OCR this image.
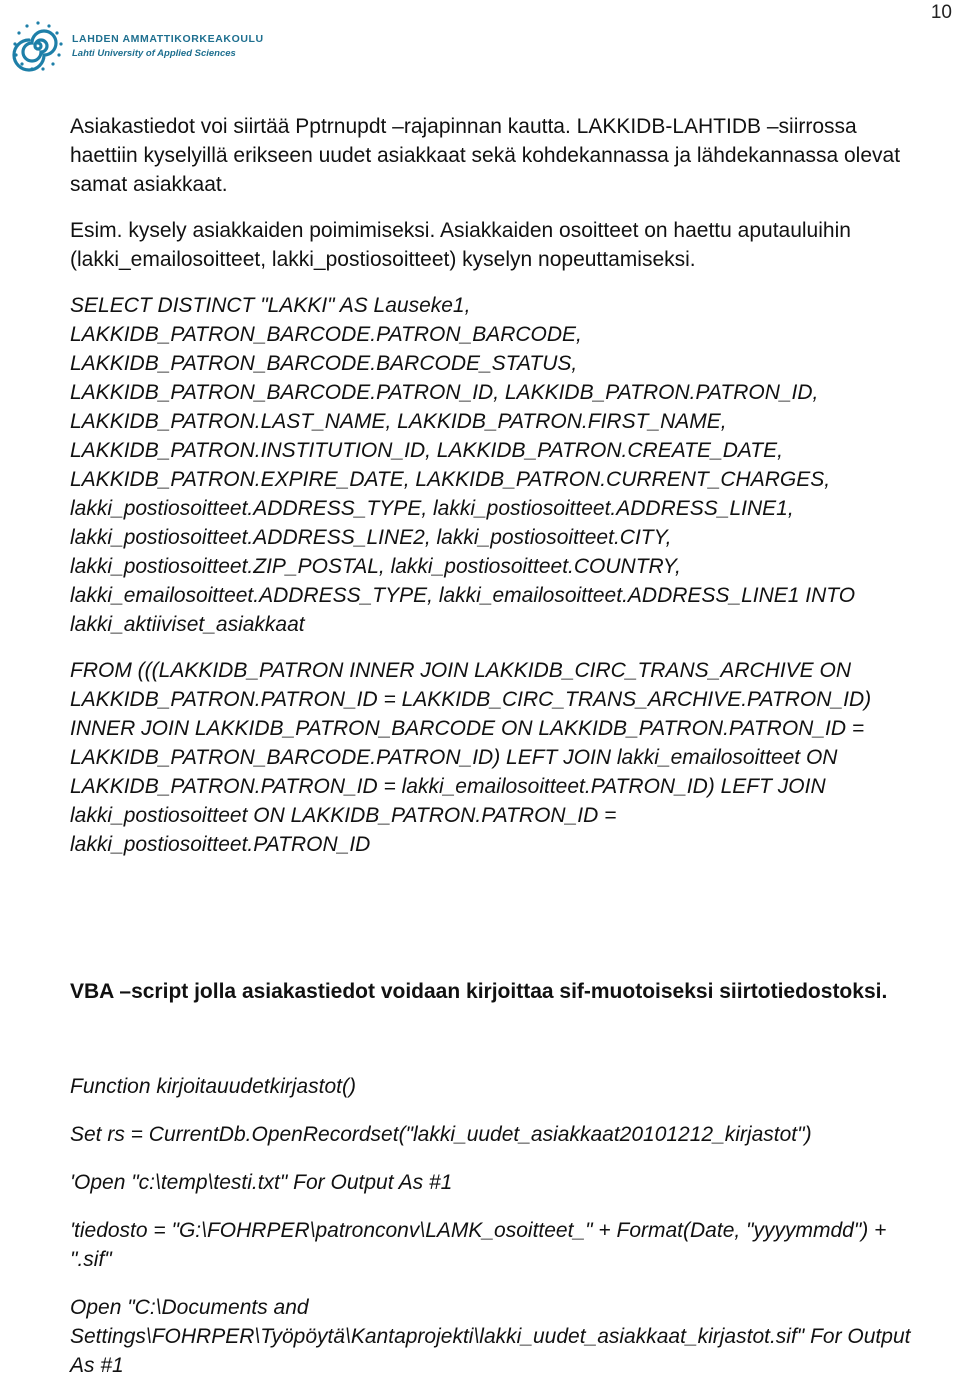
LAHDEN AMMATTIKORKEAKOULU
Lahti University of Applied Sciences
10

Asiakastiedot voi siirtää Pptrnupdt –rajapinnan kautta. LAKKIDB-LAHTIDB –siirrossa
haettiin kyselyillä erikseen uudet asiakkaat sekä kohdekannassa ja lähdekannassa olevat
samat asiakkaat.

Esim. kysely asiakkaiden poimimiseksi. Asiakkaiden osoitteet on haettu aputauluihin
(lakki_emailosoitteet, lakki_postiosoitteet) kyselyn nopeuttamiseksi.

SELECT DISTINCT "LAKKI" AS Lauseke1,
LAKKIDB_PATRON_BARCODE.PATRON_BARCODE,
LAKKIDB_PATRON_BARCODE.BARCODE_STATUS,
LAKKIDB_PATRON_BARCODE.PATRON_ID, LAKKIDB_PATRON.PATRON_ID,
LAKKIDB_PATRON.LAST_NAME, LAKKIDB_PATRON.FIRST_NAME,
LAKKIDB_PATRON.INSTITUTION_ID, LAKKIDB_PATRON.CREATE_DATE,
LAKKIDB_PATRON.EXPIRE_DATE, LAKKIDB_PATRON.CURRENT_CHARGES,
lakki_postiosoitteet.ADDRESS_TYPE, lakki_postiosoitteet.ADDRESS_LINE1,
lakki_postiosoitteet.ADDRESS_LINE2, lakki_postiosoitteet.CITY,
lakki_postiosoitteet.ZIP_POSTAL, lakki_postiosoitteet.COUNTRY,
lakki_emailosoitteet.ADDRESS_TYPE, lakki_emailosoitteet.ADDRESS_LINE1 INTO
lakki_aktiiviset_asiakkaat

FROM (((LAKKIDB_PATRON INNER JOIN LAKKIDB_CIRC_TRANS_ARCHIVE ON
LAKKIDB_PATRON.PATRON_ID = LAKKIDB_CIRC_TRANS_ARCHIVE.PATRON_ID)
INNER JOIN LAKKIDB_PATRON_BARCODE ON LAKKIDB_PATRON.PATRON_ID =
LAKKIDB_PATRON_BARCODE.PATRON_ID) LEFT JOIN lakki_emailosoitteet ON
LAKKIDB_PATRON.PATRON_ID = lakki_emailosoitteet.PATRON_ID) LEFT JOIN
lakki_postiosoitteet ON LAKKIDB_PATRON.PATRON_ID =
lakki_postiosoitteet.PATRON_ID

VBA –script jolla asiakastiedot voidaan kirjoittaa sif-muotoiseksi siirtotiedostoksi.

Function kirjoitauudetkirjastot()

Set rs = CurrentDb.OpenRecordset("lakki_uudet_asiakkaat20101212_kirjastot")

'Open "c:\temp\testi.txt" For Output As #1

'tiedosto = "G:\FOHRPER\patronconv\LAMK_osoitteet_" + Format(Date, "yyyymmdd") +
".sif"

Open "C:\Documents and
Settings\FOHRPER\Työpöytä\Kantaprojekti\lakki_uudet_asiakkaat_kirjastot.sif" For Output
As #1
